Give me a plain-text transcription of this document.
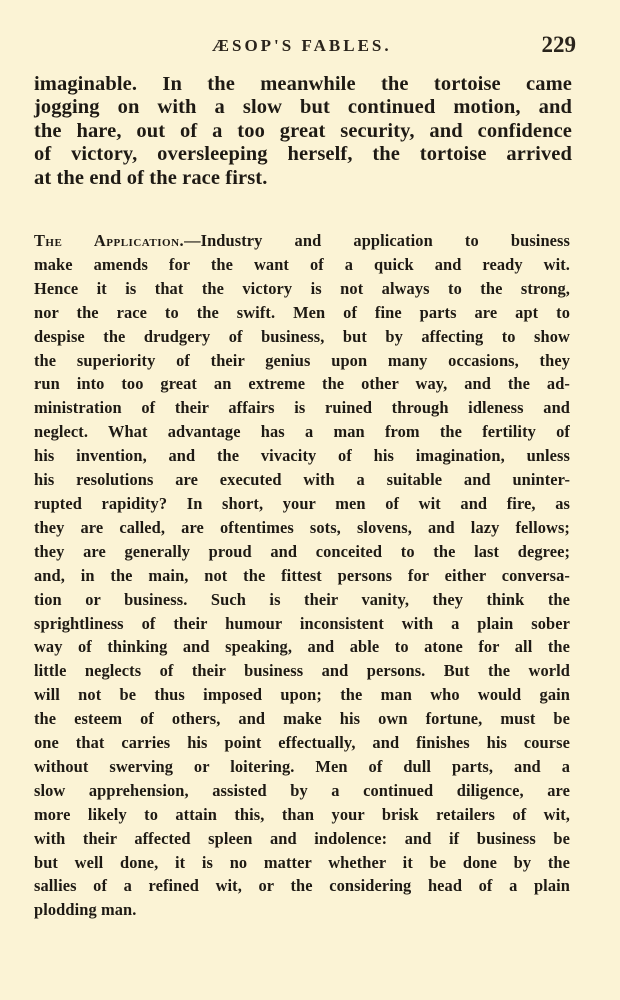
ÆSOP'S FABLES.	229
imaginable. In the meanwhile the tortoise came
jogging on with a slow but continued motion, and
the hare, out of a too great security, and confidence
of victory, oversleeping herself, the tortoise arrived
at the end of the race first.
The Application.—Industry and application to business
make amends for the want of a quick and ready wit.
Hence it is that the victory is not always to the strong,
nor the race to the swift. Men of fine parts are apt to
despise the drudgery of business, but by affecting to show
the superiority of their genius upon many occasions, they
run into too great an extreme the other way, and the ad-
ministration of their affairs is ruined through idleness and
neglect. What advantage has a man from the fertility of
his invention, and the vivacity of his imagination, unless
his resolutions are executed with a suitable and uninter-
rupted rapidity? In short, your men of wit and fire, as
they are called, are oftentimes sots, slovens, and lazy fellows;
they are generally proud and conceited to the last degree;
and, in the main, not the fittest persons for either conversa-
tion or business. Such is their vanity, they think the
sprightliness of their humour inconsistent with a plain sober
way of thinking and speaking, and able to atone for all the
little neglects of their business and persons. But the world
will not be thus imposed upon; the man who would gain
the esteem of others, and make his own fortune, must be
one that carries his point effectually, and finishes his course
without swerving or loitering. Men of dull parts, and a
slow apprehension, assisted by a continued diligence, are
more likely to attain this, than your brisk retailers of wit,
with their affected spleen and indolence: and if business be
but well done, it is no matter whether it be done by the
sallies of a refined wit, or the considering head of a plain
plodding man.
